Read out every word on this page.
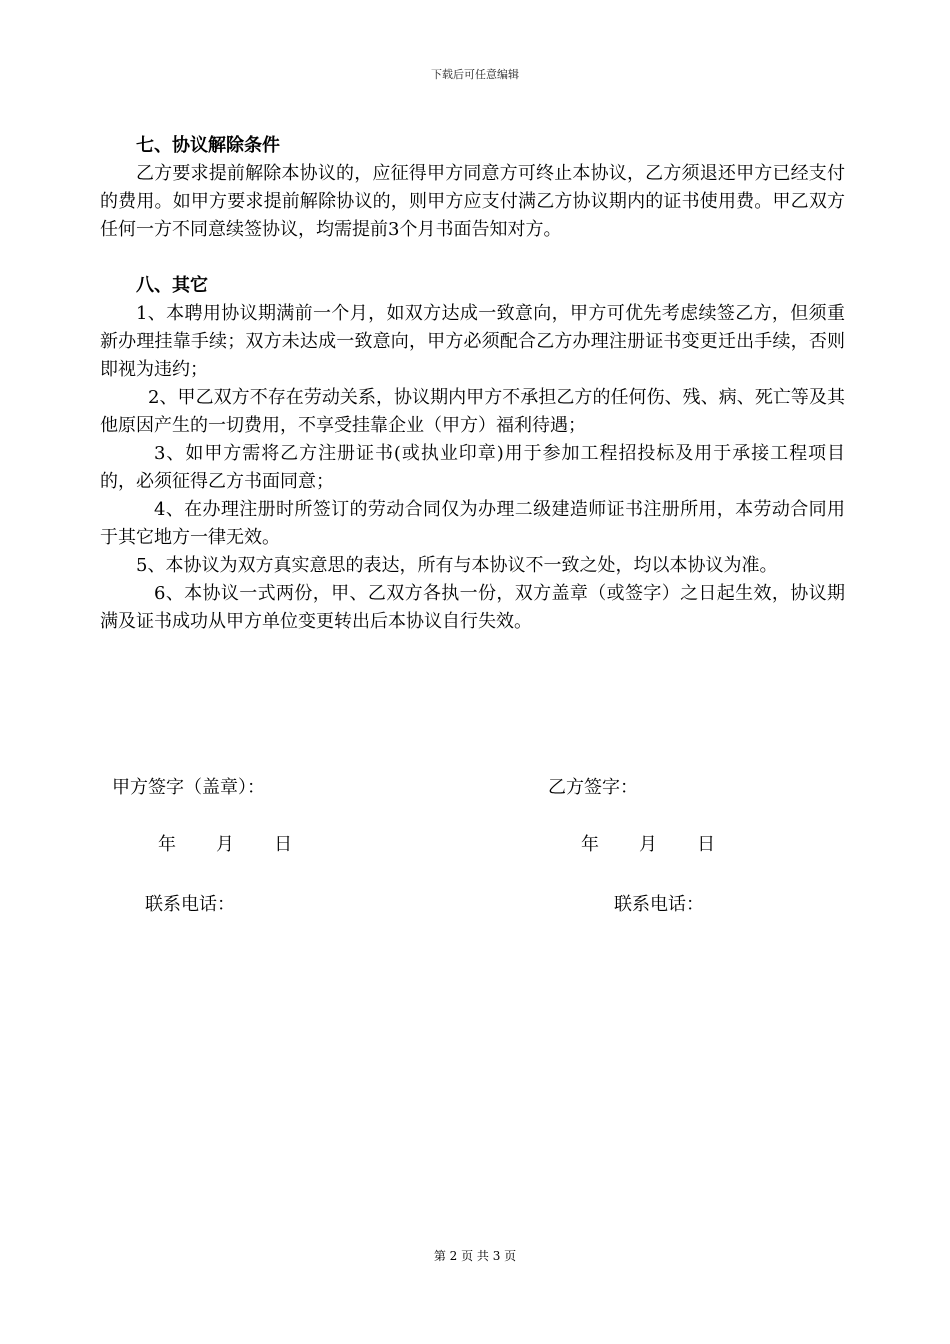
下载后可任意编辑
七、协议解除条件

乙方要求提前解除本协议的，应征得甲方同意方可终止本协议，乙方须退还甲方已经支付的费用。如甲方要求提前解除协议的，则甲方应支付满乙方协议期内的证书使用费。甲乙双方任何一方不同意续签协议，均需提前3个月书面告知对方。

八、其它

1、本聘用协议期满前一个月，如双方达成一致意向，甲方可优先考虑续签乙方，但须重新办理挂靠手续；双方未达成一致意向，甲方必须配合乙方办理注册证书变更迁出手续，否则即视为违约；

2、甲乙双方不存在劳动关系，协议期内甲方不承担乙方的任何伤、残、病、死亡等及其他原因产生的一切费用，不享受挂靠企业（甲方）福利待遇；

3、如甲方需将乙方注册证书(或执业印章)用于参加工程招投标及用于承接工程项目的，必须征得乙方书面同意；

4、在办理注册时所签订的劳动合同仅为办理二级建造师证书注册所用，本劳动合同用于其它地方一律无效。

5、本协议为双方真实意思的表达，所有与本协议不一致之处，均以本协议为准。

6、本协议一式两份，甲、乙双方各执一份，双方盖章（或签字）之日起生效，协议期满及证书成功从甲方单位变更转出后本协议自行失效。

甲方签字（盖章）：	乙方签字：
年       月       日	年       月       日
联系电话：	联系电话：
第 2 页 共 3 页
